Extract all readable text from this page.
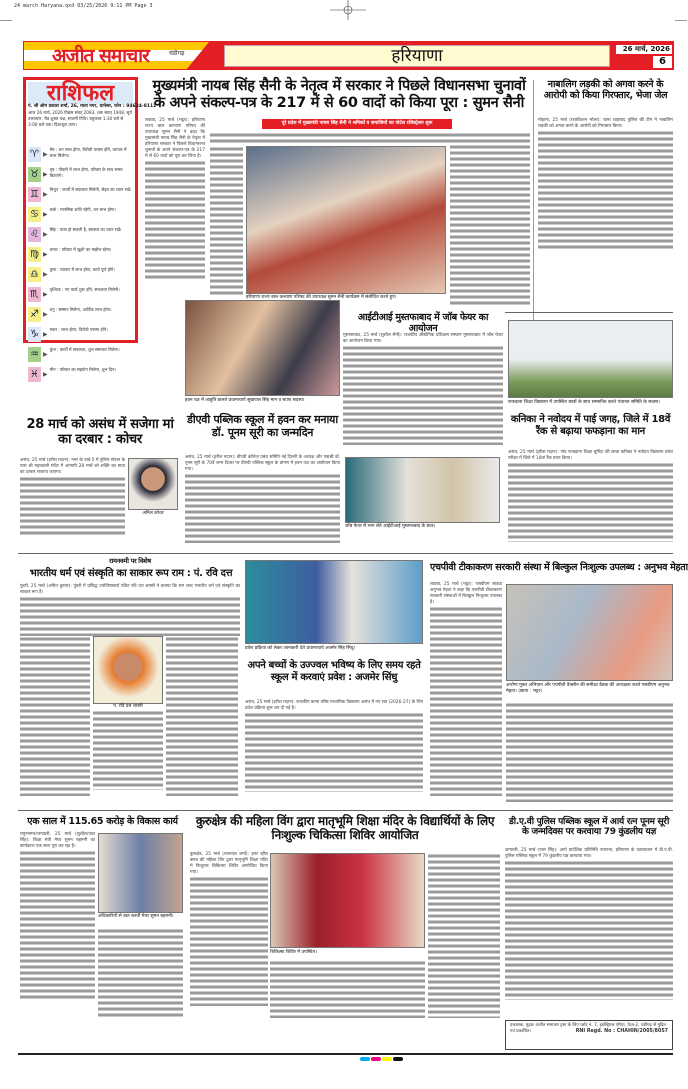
24 march Haryana.qxd 03/25/2026 9:11 PM Page 3
अजीत समाचार	चंडीगढ़	हरियाणा	26 मार्च, 2026
6
राशिफल
पं. श्री ओम प्रकाश शर्मा, 26, माता नगर, थानेसर, फोन : 94624-8111
आज 26 मार्च, 2026 विक्रम संवत् 2083, शक संवत् 1948, सूर्य उत्तरायण, चैत्र शुक्ल पक्ष, सप्तमी तिथि। राहुकाल 1:30 बजे से 3:00 बजे तक। दिशाशूल उत्तर।
♈ ▶
मेष : धन लाभ होगा, विरोधी परास्त होंगे, व्यापार में लाभ मिलेगा।
♉ ▶
वृष : नौकरी में लाभ होगा, परिवार के साथ समय बिताएंगे।
♊ ▶
मिथुन : कार्यों में सफलता मिलेगी, सेहत का ध्यान रखें।
♋ ▶
कर्क : मानसिक शांति रहेगी, धन लाभ होगा।
♌ ▶
सिंह : यात्रा हो सकती है, स्वास्थ्य का ध्यान रखें।
♍ ▶
कन्या : परिवार में खुशी का माहौल रहेगा।
♎ ▶
तुला : व्यापार में लाभ होगा, कार्य पूर्ण होंगे।
♏ ▶
वृश्चिक : नए कार्य शुरू होंगे, सफलता मिलेगी।
♐ ▶
धनु : सम्मान मिलेगा, आर्थिक लाभ होगा।
♑ ▶
मकर : लाभ होगा, विरोधी परास्त होंगे।
♒ ▶
कुंभ : कार्यों में सफलता, शुभ समाचार मिलेगा।
♓ ▶
मीन : परिवार का सहयोग मिलेगा, शुभ दिन।
मुख्यमंत्री नायब सिंह सैनी के नेतृत्व में सरकार ने पिछले विधानसभा चुनावों के अपने संकल्प-पत्र के 217 में से 60 वादों को किया पूरा : सुमन सैनी
लाडवा, 25 मार्च (भट्टर): हरियाणा राज्य बाल कल्याण परिषद की उपाध्यक्ष सुमन सैनी ने कहा कि मुख्यमंत्री नायब सिंह सैनी के नेतृत्व में हरियाणा सरकार ने पिछले विधानसभा चुनावों के अपने संकल्प-पत्र के 217 में से 60 वादों को पूरा कर लिया है।
पूरे प्रदेश में मुख्यमंत्री नायब सिंह सैनी ने श्रमिकों व समाजियों का पोर्टल रजिस्ट्रेशन शुरू
हरियाणा राज्य बाल कल्याण परिषद की उपाध्यक्ष सुमन सैनी कार्यक्रम में संबोधित करते हुए।
नाबालिग लड़की को अगवा करने के आरोपी को किया गिरफ्तार, भेजा जेल
मोहाना, 25 मार्च (राजकिशन भोला): थाना शाहबाद पुलिस की टीम ने नाबालिग लड़की को अगवा करने के आरोपी को गिरफ्तार किया।
हवन यज्ञ में आहुति डालते प्रधानाचार्य सुखपाल सिंह मान व स्टाफ सदस्य।
आईटीआई मुस्तफाबाद में जॉब फेयर का आयोजन
मुस्तफाबाद, 25 मार्च (सुशील सैनी): राजकीय औद्योगिक प्रशिक्षण संस्थान मुस्तफाबाद में जॉब फेयर का आयोजन किया गया।
जॉब फेयर में भाग लेते आईटीआई मुस्तफाबाद के छात्र।
फफड़ाना शिक्षा विद्यालय में उपस्थित छात्रों के साथ सम्मानित करते पंचायत समिति के सदस्य।
कनिका ने नवोदय में पाई जगह, जिले में 18वें रैंक से बढ़ाया फफड़ाना का मान
असंध, 25 मार्च (हरीश मदान): गांव फफड़ाना शिक्षा चुनिंदा की छात्रा कनिका ने नवोदय विद्यालय प्रवेश परीक्षा में जिले में 18वां रैंक प्राप्त किया।
28 मार्च को असंध में सजेगा मां का दरबार : कोचर
असंध, 25 मार्च (हरीश मदान): नगर के वार्ड-5 में पुलिस स्टेशन के पास श्री महाकाली मंदिर में आगामी 28 मार्च को शक्ति का माता का दरबार सजाया जाएगा।
अनिल कोचर
डीएवी पब्लिक स्कूल में हवन कर मनाया डॉ. पूनम सूरी का जन्मदिन
असंध, 25 मार्च (हरीश मदान): डीएवी कॉलेज प्रबंध समिति नई दिल्ली के अध्यक्ष और पद्मश्री डॉ. पूनम सूरी के 70वें जन्म दिवस पर डीएवी पब्लिक स्कूल के प्रांगण में हवन यज्ञ का आयोजन किया गया।
रामनवमी पर विशेष
भारतीय धर्म एवं संस्कृति का साकार रूप राम : पं. रवि दत्त
पुंडरी, 25 मार्च (अमित कुमार): पुंडरी में प्रसिद्ध ज्योतिषाचार्य पंडित रवि दत्त शास्त्री ने बताया कि राम शब्द भारतीय धर्म एवं संस्कृति का साकार रूप है।
पं. रवि दत्त शास्त्री
प्रवेश प्रक्रिया को लेकर जानकारी देते प्रधानाचार्य अजमेर सिंह सिंधु।
अपने बच्चों के उज्ज्वल भविष्य के लिए समय रहते स्कूल में करवाएं प्रवेश : अजमेर सिंधु
असंध, 25 मार्च (हरीश मदान): राजकीय कन्या वरिष्ठ माध्यमिक विद्यालय असंध में नए सत्र (2026-27) के लिए प्रवेश प्रक्रिया शुरू कर दी गई है।
एचपीवी टीकाकरण सरकारी संस्था में बिल्कुल निःशुल्क उपलब्ध : अनुभव मेहता
लाडवा, 25 मार्च (भट्टर): एसडीएम लाडवा अनुभव मेहता ने कहा कि एचपीवी टीकाकरण सरकारी संस्थाओं में बिल्कुल निःशुल्क उपलब्ध है।
आरोग्य मुक्त अभियान और एचपीवी वैक्सीन की समीक्षा बैठक की अध्यक्षता करते एसडीएम अनुभव मेहता। (छाया : भट्टर)
एक साल में 115.65 करोड़ के विकास कार्य
यमुनानगर/जगाधरी, 25 मार्च (सुशील/पाल सिंह): शिक्षा मंत्री मेयर सुमन बहमनी का कार्यकाल एक साल पूरा कर रहा है।
अधिकारियों से बात करतीं मेयर सुमन बहमनी।
कुरुक्षेत्र की महिला विंग द्वारा मातृभूमि शिक्षा मंदिर के विद्यार्थियों के लिए निःशुल्क चिकित्सा शिविर आयोजित
कुरुक्षेत्र, 25 मार्च (राजपाल शर्मा): इनर व्हील क्लब की महिला विंग द्वारा मातृभूमि शिक्षा मंदिर में निःशुल्क चिकित्सा शिविर आयोजित किया गया।
चिकित्सा शिविर में उपस्थित।
डी.ए.वी पुलिस पब्लिक स्कूल में आर्य रत्न पूनम सूरी के जन्मदिवस पर करवाया 79 कुंडलीय यज्ञ
जगाधरी, 25 मार्च (पाल सिंह): आर्य प्रादेशिक प्रतिनिधि उपसभा, हरियाणा के तत्वावधान में डी.ए.वी. पुलिस पब्लिक स्कूल में 79 कुंडलीय यज्ञ करवाया गया।
प्रकाशक, मुद्रक अजीत समाचार ट्रस्ट के लिए प्लॉट नं. 7, इंडस्ट्रियल एरिया, फेज़-2, चंडीगढ़ से मुद्रित एवं प्रकाशित।	RNI Regd. No : CHAHIN/2005/8057
